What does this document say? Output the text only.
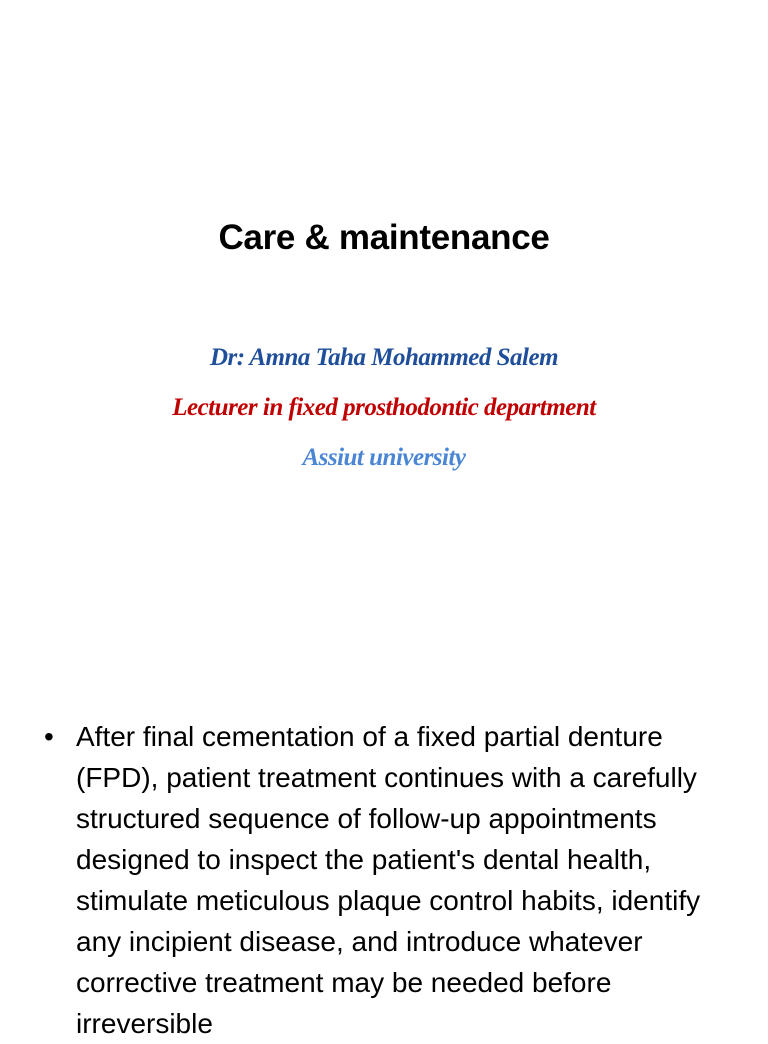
Care & maintenance

Dr: Amna Taha Mohammed Salem

Lecturer in fixed prosthodontic department

Assiut university

• After final cementation of a fixed partial denture (FPD), patient treatment continues with a carefully structured sequence of follow-up appointments designed to inspect the patient's dental health, stimulate meticulous plaque control habits, identify any incipient disease, and introduce whatever corrective treatment may be needed before irreversible
